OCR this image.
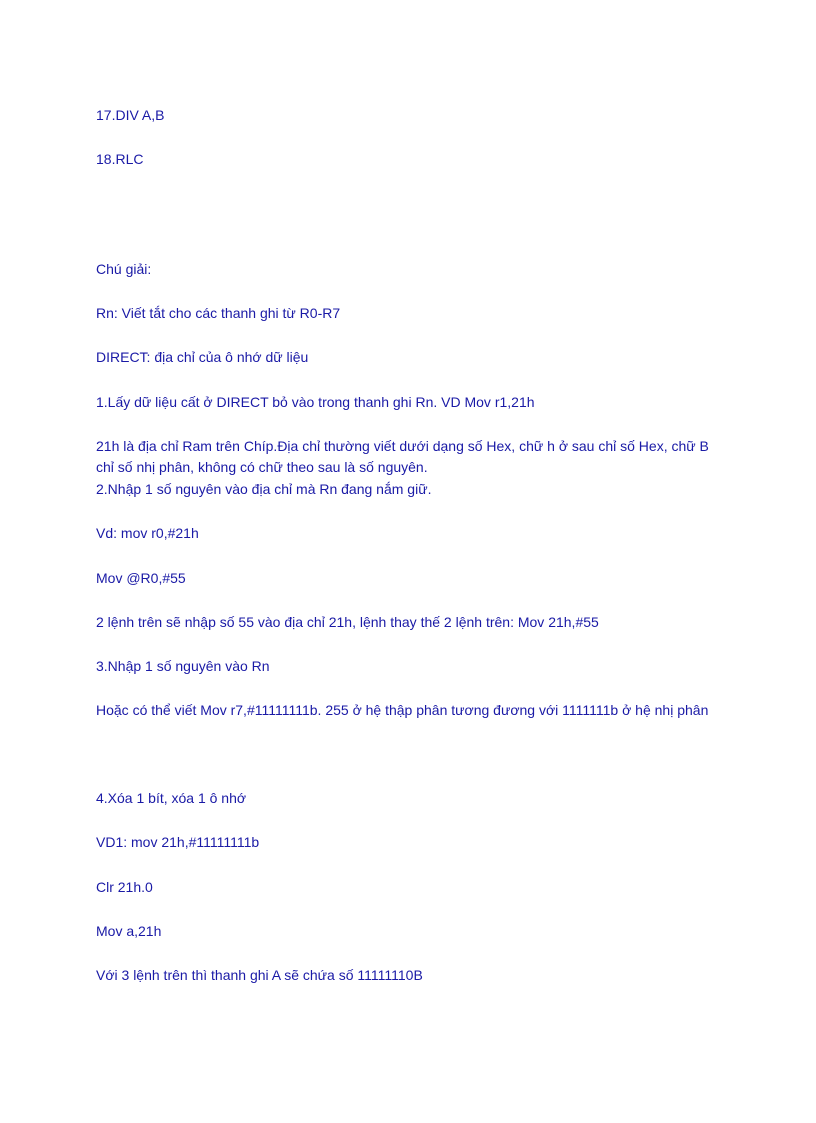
17.DIV A,B

18.RLC

Chú giải:

Rn: Viết tắt cho các thanh ghi từ R0-R7

DIRECT: địa chỉ của ô nhớ dữ liệu

1.Lấy dữ liệu cất ở DIRECT bỏ vào trong thanh ghi Rn. VD Mov r1,21h

21h là địa chỉ Ram trên Chíp.Địa chỉ thường viết dưới dạng số Hex, chữ h ở sau chỉ số Hex, chữ B

chỉ số nhị phân, không có chữ theo sau là số nguyên.

2.Nhập 1 số nguyên vào địa chỉ mà Rn đang nắm giữ.

Vd: mov r0,#21h

Mov @R0,#55

2 lệnh trên sẽ nhập số 55 vào địa chỉ 21h, lệnh thay thế 2 lệnh trên: Mov 21h,#55

3.Nhập 1 số nguyên vào Rn

Hoặc có thể viết Mov r7,#11111111b. 255 ở hệ thập phân tương đương với 1111111b ở hệ nhị phân

4.Xóa 1 bít, xóa 1 ô nhớ

VD1: mov 21h,#11111111b

Clr 21h.0

Mov a,21h

Với 3 lệnh trên thì thanh ghi A sẽ chứa số 11111110B
